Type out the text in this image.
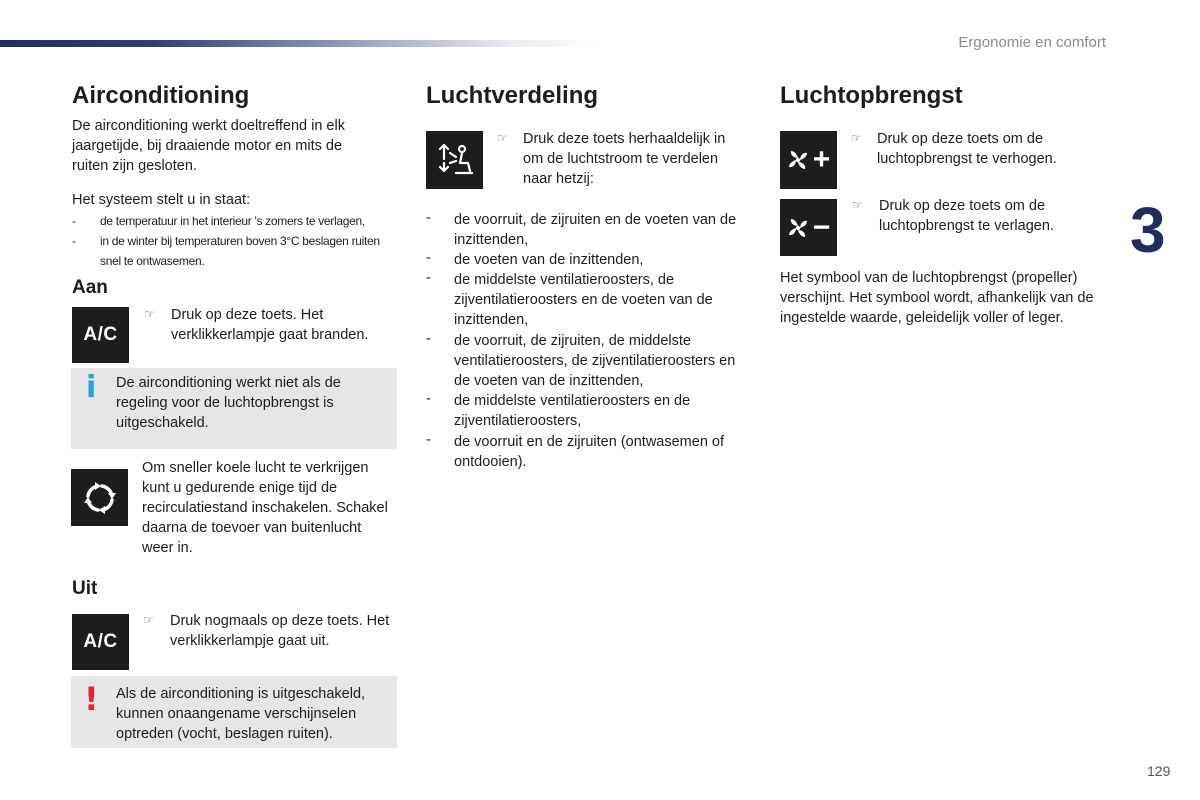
Ergonomie en comfort
3
129
Airconditioning

De airconditioning werkt doeltreffend in elk jaargetijde, bij draaiende motor en mits de ruiten zijn gesloten.

Het systeem stelt u in staat:

- de temperatuur in het interieur 's zomers te verlagen,
- in de winter bij temperaturen boven 3°C beslagen ruiten snel te ontwasemen.
Aan
A/C
☞ Druk op deze toets. Het verklikkerlampje gaat branden.

i De airconditioning werkt niet als de regeling voor de luchtopbrengst is uitgeschakeld.

Om sneller koele lucht te verkrijgen kunt u gedurende enige tijd de recirculatiestand inschakelen. Schakel daarna de toevoer van buitenlucht weer in.

Uit
A/C
☞ Druk nogmaals op deze toets. Het verklikkerlampje gaat uit.

! Als de airconditioning is uitgeschakeld, kunnen onaangename verschijnselen optreden (vocht, beslagen ruiten).

Luchtverdeling
☞ Druk deze toets herhaaldelijk in om de luchtstroom te verdelen naar hetzij:

- de voorruit, de zijruiten en de voeten van de inzittenden,

- de voeten van de inzittenden,

- de middelste ventilatieroosters, de zijventilatieroosters en de voeten van de inzittenden,

- de voorruit, de zijruiten, de middelste ventilatieroosters, de zijventilatieroosters en de voeten van de inzittenden,

- de middelste ventilatieroosters en de zijventilatieroosters,

- de voorruit en de zijruiten (ontwasemen of ontdooien).

Luchtopbrengst
+
☞ Druk op deze toets om de luchtopbrengst te verhogen.

−
☞ Druk op deze toets om de luchtopbrengst te verlagen.

Het symbool van de luchtopbrengst (propeller) verschijnt. Het symbool wordt, afhankelijk van de ingestelde waarde, geleidelijk voller of leger.
